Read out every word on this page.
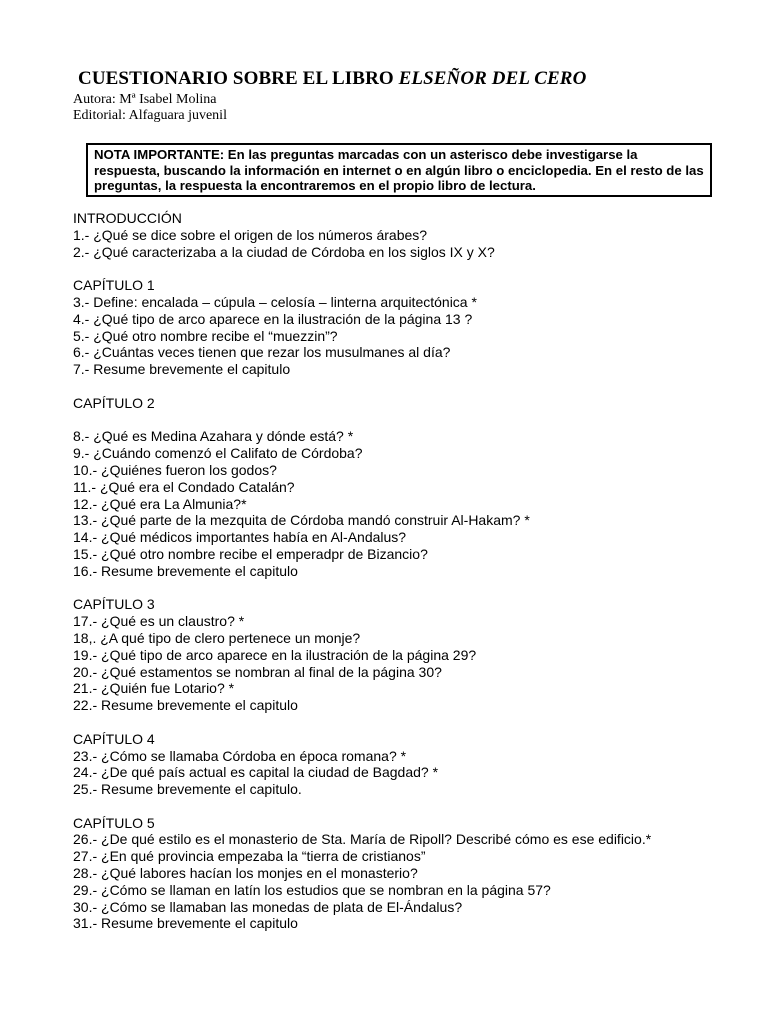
CUESTIONARIO SOBRE EL LIBRO ELSEÑOR DEL CERO
Autora: Mª Isabel Molina
Editorial: Alfaguara juvenil
NOTA IMPORTANTE: En las preguntas marcadas con un asterisco debe investigarse la respuesta, buscando la información en internet o en algún libro o enciclopedia. En el resto de las preguntas, la respuesta la encontraremos en el propio libro de lectura.
INTRODUCCIÓN
1.- ¿Qué se dice sobre el origen de los números árabes?
2.- ¿Qué caracterizaba a la ciudad de Córdoba en los siglos IX y X?
CAPÍTULO 1
3.- Define: encalada – cúpula – celosía – linterna arquitectónica *
4.- ¿Qué tipo de arco aparece en la ilustración de la página 13 ?
5.- ¿Qué otro nombre recibe el “muezzin”?
6.- ¿Cuántas veces tienen que rezar los musulmanes al día?
7.- Resume brevemente el capitulo
CAPÍTULO 2
8.- ¿Qué es Medina Azahara y dónde está? *
9.- ¿Cuándo comenzó el Califato de Córdoba?
10.- ¿Quiénes fueron los godos?
11.- ¿Qué era el Condado Catalán?
12.- ¿Qué era La Almunia?*
13.- ¿Qué parte de la mezquita de Córdoba mandó construir Al-Hakam? *
14.- ¿Qué médicos importantes había en Al-Andalus?
15.- ¿Qué otro nombre recibe el emperadpr de Bizancio?
16.- Resume brevemente el capitulo
CAPÍTULO 3
17.- ¿Qué es un claustro? *
18,. ¿A qué tipo de clero pertenece un monje?
19.- ¿Qué tipo de arco aparece en la ilustración de la página 29?
20.- ¿Qué estamentos se nombran al final de la página 30?
21.- ¿Quién fue Lotario? *
22.- Resume brevemente el capitulo
CAPÍTULO 4
23.- ¿Cómo se llamaba Córdoba en época romana? *
24.- ¿De qué país actual es capital la ciudad de Bagdad? *
25.- Resume brevemente el capitulo.
CAPÍTULO 5
26.- ¿De qué estilo es el monasterio de Sta. María de Ripoll? Describé cómo es ese edificio.*
27.- ¿En qué provincia empezaba la “tierra de cristianos”
28.- ¿Qué labores hacían los monjes en el monasterio?
29.- ¿Cómo se llaman en latín los estudios que se nombran en la página 57?
30.- ¿Cómo se llamaban las monedas de plata de El-Ándalus?
31.- Resume brevemente el capitulo
